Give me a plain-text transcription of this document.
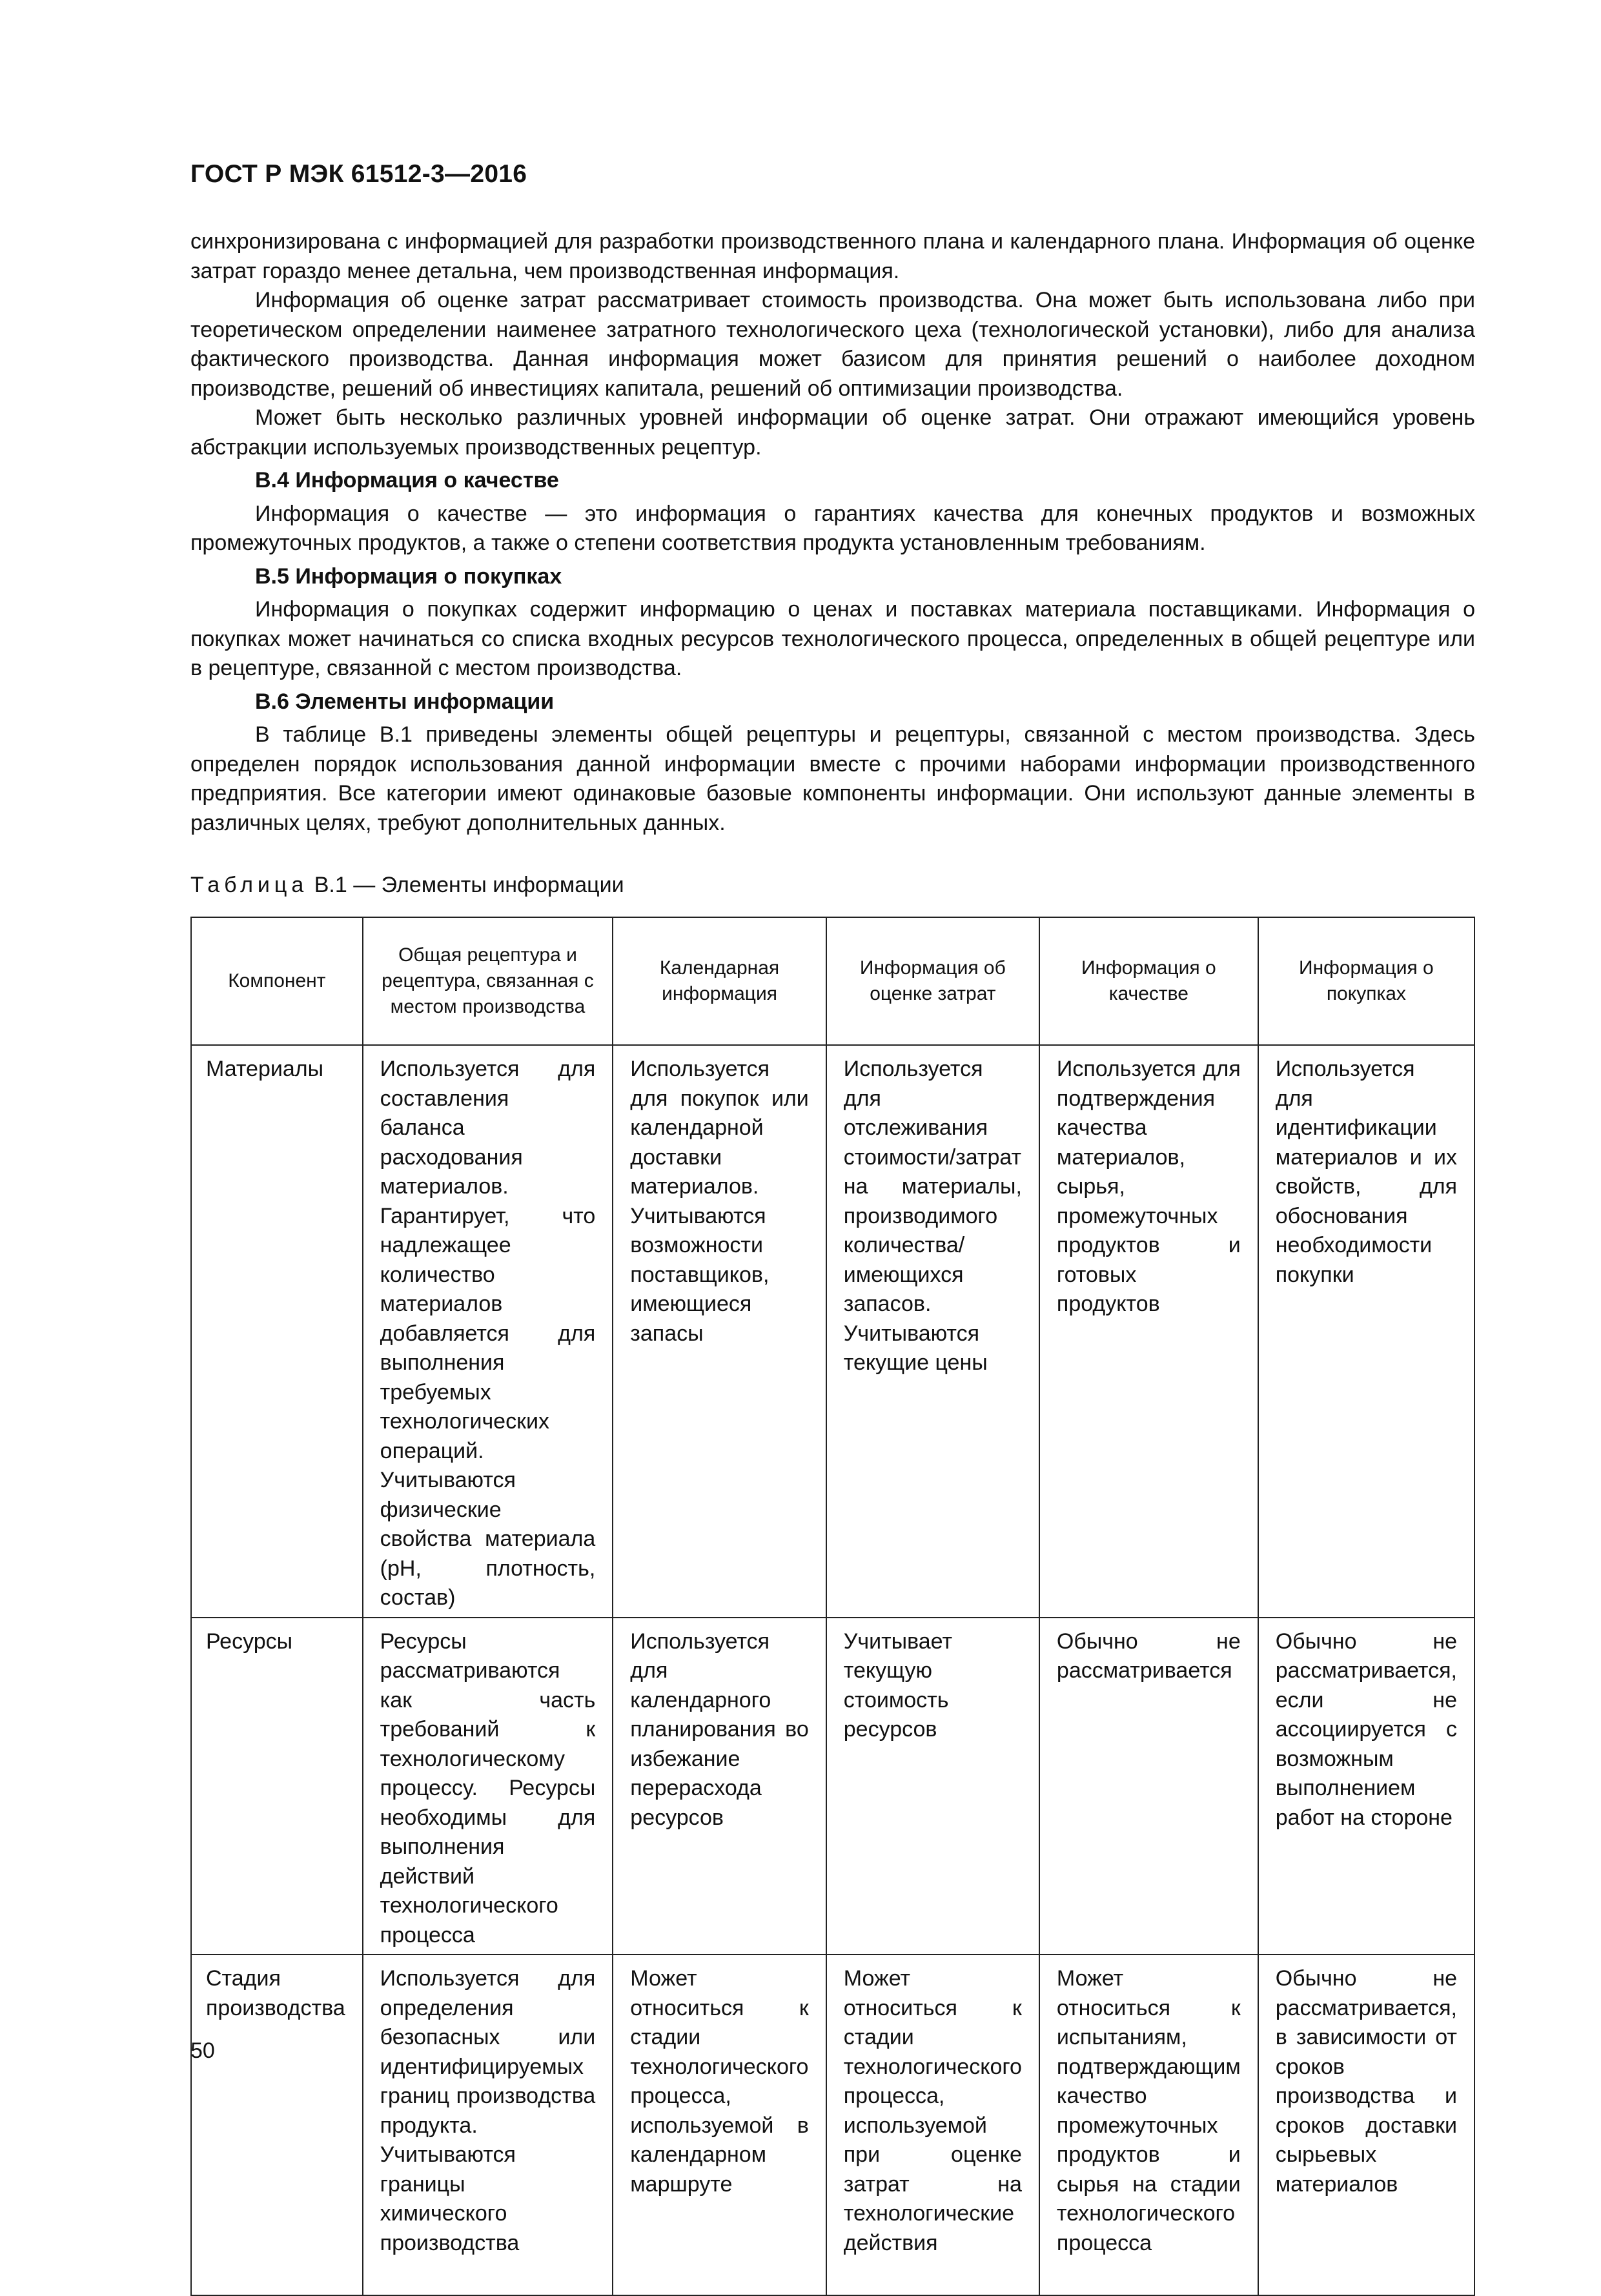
ГОСТ Р МЭК 61512-3—2016

синхронизирована с информацией для разработки производственного плана и календарного плана. Информация об оценке затрат гораздо менее детальна, чем производственная информация.

Информация об оценке затрат рассматривает стоимость производства. Она может быть использована либо при теоретическом определении наименее затратного технологического цеха (технологической установки), либо для анализа фактического производства. Данная информация может базисом для принятия решений о наиболее доходном производстве, решений об инвестициях капитала, решений об оптимизации производства.

Может быть несколько различных уровней информации об оценке затрат. Они отражают имеющийся уровень абстракции используемых производственных рецептур.

В.4 Информация о качестве

Информация о качестве — это информация о гарантиях качества для конечных продуктов и возможных промежуточных продуктов, а также о степени соответствия продукта установленным требованиям.

В.5 Информация о покупках

Информация о покупках содержит информацию о ценах и поставках материала поставщиками. Информация о покупках может начинаться со списка входных ресурсов технологического процесса, определенных в общей рецептуре или в рецептуре, связанной с местом производства.

В.6 Элементы информации

В таблице В.1 приведены элементы общей рецептуры и рецептуры, связанной с местом производства. Здесь определен порядок использования данной информации вместе с прочими наборами информации производственного предприятия. Все категории имеют одинаковые базовые компоненты информации. Они используют данные элементы в различных целях, требуют дополнительных данных.

Таблица В.1 — Элементы информации
Компонент	Общая рецептура и рецептура, связанная с местом производства	Календарная информация	Информация об оценке затрат	Информация о качестве	Информация о покупках
Материалы	Используется для составления баланса расходования материалов. Гарантирует, что надлежащее количество материалов добавляется для выполнения требуемых технологических операций. Учитываются физические свойства материала (pH, плотность, состав)	Используется для покупок или календарной доставки материалов. Учитываются возможности поставщиков, имеющиеся запасы	Используется для отслеживания стоимости/затрат на материалы, производимого количества/имеющихся запасов. Учитываются текущие цены	Используется для подтверждения качества материалов, сырья, промежуточных продуктов и готовых продуктов	Используется для идентификации материалов и их свойств, для обоснования необходимости покупки
Ресурсы	Ресурсы рассматриваются как часть требований к технологическому процессу. Ресурсы необходимы для выполнения действий технологического процесса	Используется для календарного планирования во избежание перерасхода ресурсов	Учитывает текущую стоимость ресурсов	Обычно не рассматривается	Обычно не рассматривается, если не ассоциируется с возможным выполнением работ на стороне
Стадия производства	Используется для определения безопасных или идентифицируемых границ производства продукта. Учитываются границы химического производства	Может относиться к стадии технологического процесса, используемой в календарном маршруте	Может относиться к стадии технологического процесса, используемой при оценке затрат на технологические действия	Может относиться к испытаниям, подтверждающим качество промежуточных продуктов и сырья на стадии технологического процесса	Обычно не рассматривается, в зависимости от сроков производства и сроков доставки сырьевых материалов
50
